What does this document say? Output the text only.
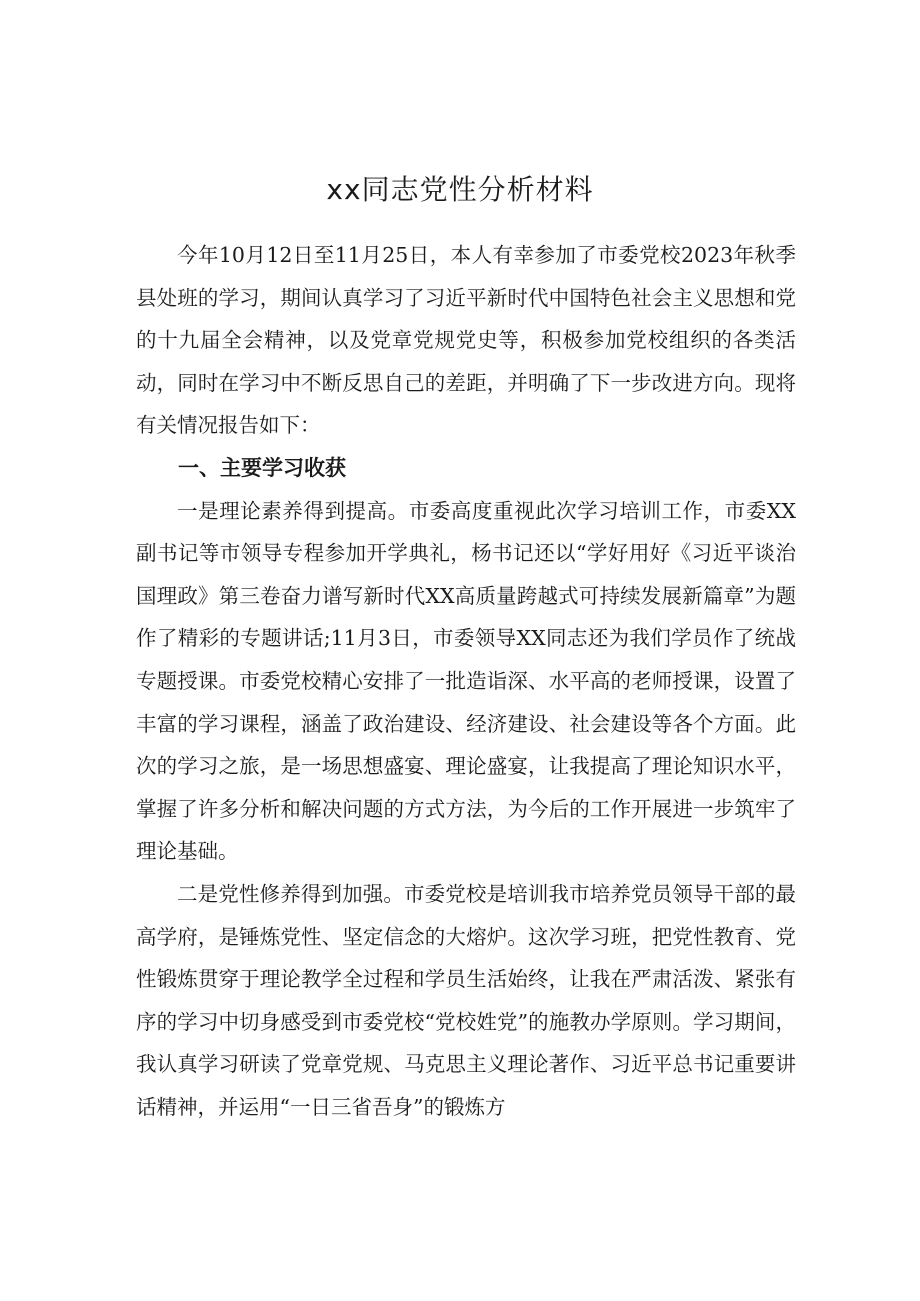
xx同志党性分析材料

今年10月12日至11月25日，本人有幸参加了市委党校2023年秋季县处班的学习，期间认真学习了习近平新时代中国特色社会主义思想和党的十九届全会精神，以及党章党规党史等，积极参加党校组织的各类活动，同时在学习中不断反思自己的差距，并明确了下一步改进方向。现将有关情况报告如下：

一、主要学习收获

一是理论素养得到提高。市委高度重视此次学习培训工作，市委XX副书记等市领导专程参加开学典礼，杨书记还以“学好用好《习近平谈治国理政》第三卷奋力谱写新时代XX高质量跨越式可持续发展新篇章”为题作了精彩的专题讲话;11月3日，市委领导XX同志还为我们学员作了统战专题授课。市委党校精心安排了一批造诣深、水平高的老师授课，设置了丰富的学习课程，涵盖了政治建设、经济建设、社会建设等各个方面。此次的学习之旅，是一场思想盛宴、理论盛宴，让我提高了理论知识水平，掌握了许多分析和解决问题的方式方法，为今后的工作开展进一步筑牢了理论基础。

二是党性修养得到加强。市委党校是培训我市培养党员领导干部的最高学府，是锤炼党性、坚定信念的大熔炉。这次学习班，把党性教育、党性锻炼贯穿于理论教学全过程和学员生活始终，让我在严肃活泼、紧张有序的学习中切身感受到市委党校“党校姓党”的施教办学原则。学习期间，我认真学习研读了党章党规、马克思主义理论著作、习近平总书记重要讲话精神，并运用“一日三省吾身”的锻炼方
